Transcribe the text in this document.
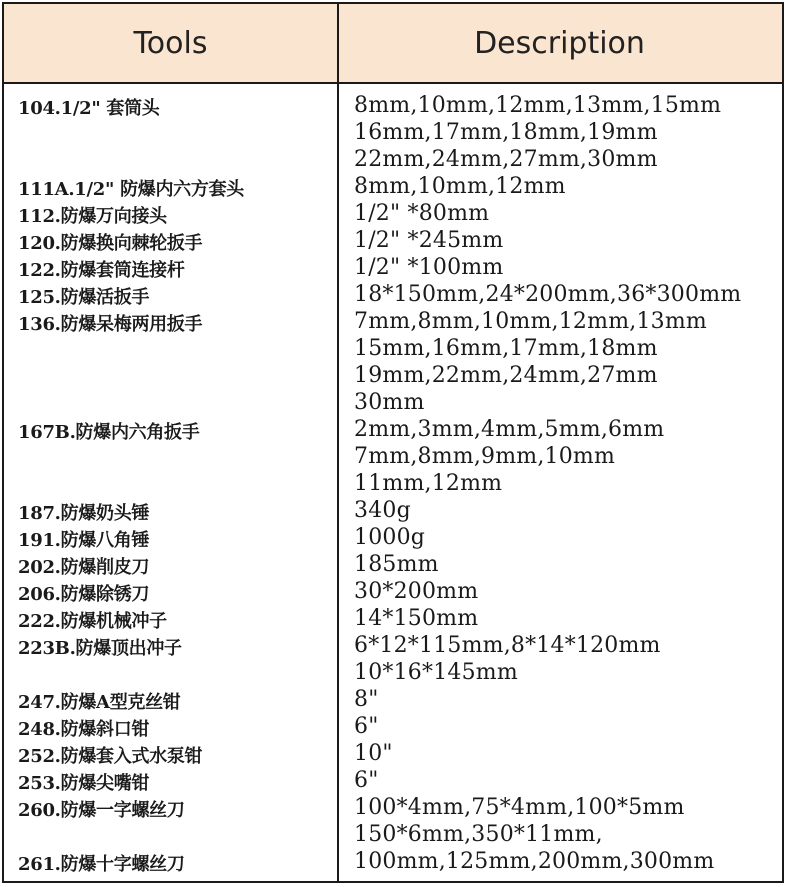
Tools	Description
104.1/2" 套筒头	8mm,10mm,12mm,13mm,15mm
16mm,17mm,18mm,19mm
22mm,24mm,27mm,30mm
111A.1/2" 防爆内六方套头	8mm,10mm,12mm
112.防爆万向接头	1/2" *80mm
120.防爆换向棘轮扳手	1/2" *245mm
122.防爆套筒连接杆	1/2" *100mm
125.防爆活扳手	18*150mm,24*200mm,36*300mm
136.防爆呆梅两用扳手	7mm,8mm,10mm,12mm,13mm
15mm,16mm,17mm,18mm
19mm,22mm,24mm,27mm
30mm
167B.防爆内六角扳手	2mm,3mm,4mm,5mm,6mm
7mm,8mm,9mm,10mm
11mm,12mm
187.防爆奶头锤	340g
191.防爆八角锤	1000g
202.防爆削皮刀	185mm
206.防爆除锈刀	30*200mm
222.防爆机械冲子	14*150mm
223B.防爆顶出冲子	6*12*115mm,8*14*120mm
10*16*145mm
247.防爆A型克丝钳	8"
248.防爆斜口钳	6"
252.防爆套入式水泵钳	10"
253.防爆尖嘴钳	6"
260.防爆一字螺丝刀	100*4mm,75*4mm,100*5mm
150*6mm,350*11mm,
261.防爆十字螺丝刀	100mm,125mm,200mm,300mm
